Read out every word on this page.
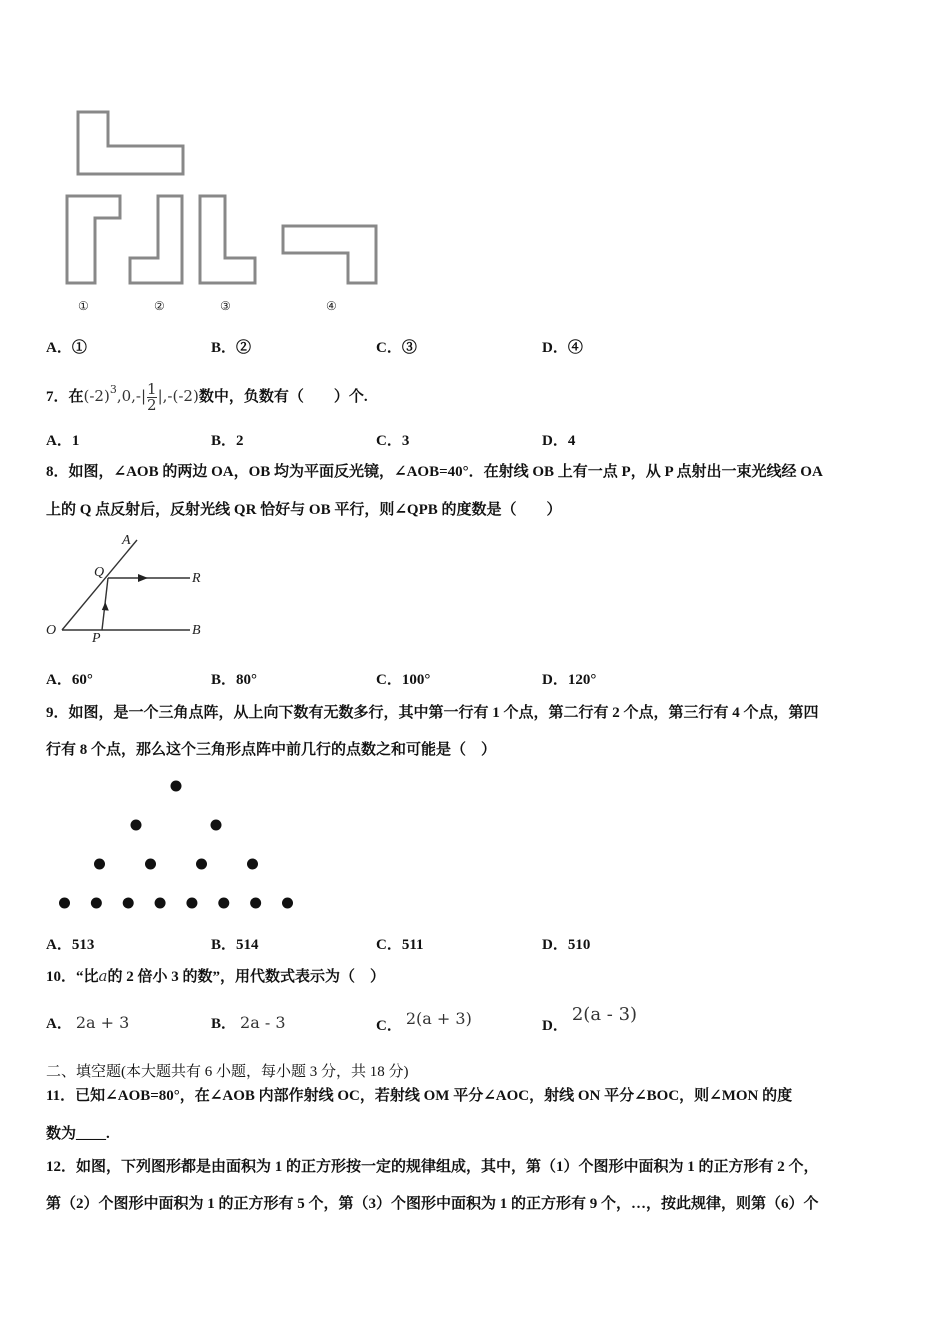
①	②	③	④
A．①	B．②	C．③	D．④
7．在$(-2)^3,0,-| \frac{1}{2} |,-(-2)$数中，负数有（　　）个.
A．1	B．2	C．3	D．4
8．如图，∠AOB 的两边 OA，OB 均为平面反光镜，∠AOB=40°．在射线 OB 上有一点 P，从 P 点射出一束光线经 OA
上的 Q 点反射后，反射光线 QR 恰好与 OB 平行，则∠QPB 的度数是（　　）
A
Q	R
O
P
B
A．60°	B．80°	C．100°	D．120°
9．如图，是一个三角点阵，从上向下数有无数多行，其中第一行有 1 个点，第二行有 2 个点，第三行有 4 个点，第四
行有 8 个点，那么这个三角形点阵中前几行的点数之和可能是（　）
A．513	B．514	C．511	D．510
10．“比a的 2 倍小 3 的数”，用代数式表示为（　）
A． 2a + 3	B． 2a - 3	C． 2(a + 3)	D．2(a - 3)
二、填空题(本大题共有 6 小题，每小题 3 分，共 18 分)
11．已知∠AOB=80°，在∠AOB 内部作射线 OC，若射线 OM 平分∠AOC，射线 ON 平分∠BOC，则∠MON 的度
数为____.
12．如图，下列图形都是由面积为 1 的正方形按一定的规律组成，其中，第（1）个图形中面积为 1 的正方形有 2 个，
第（2）个图形中面积为 1 的正方形有 5 个，第（3）个图形中面积为 1 的正方形有 9 个，…，按此规律，则第（6）个
